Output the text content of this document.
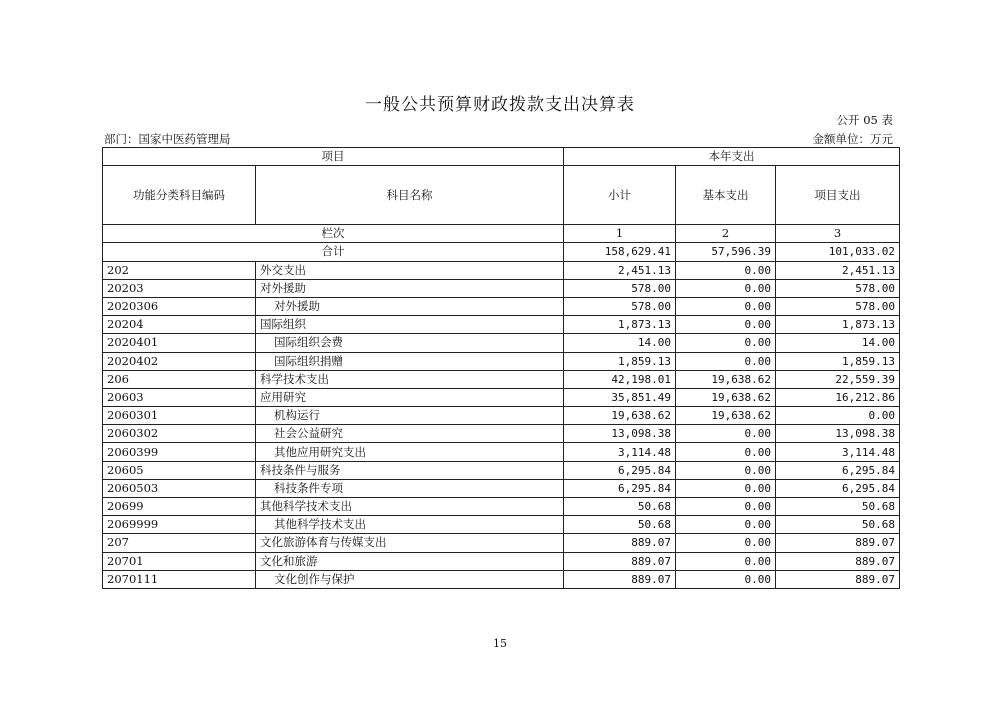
一般公共预算财政拨款支出决算表
公开 05 表
部门：国家中医药管理局	金额单位：万元
项目		本年支出		
功能分类科目编码	科目名称	小计	基本支出	项目支出
栏次		1	2	3
合计		158,629.41	57,596.39	101,033.02
202	外交支出	2,451.13	0.00	2,451.13
20203	对外援助	578.00	0.00	578.00
2020306	对外援助	578.00	0.00	578.00
20204	国际组织	1,873.13	0.00	1,873.13
2020401	国际组织会费	14.00	0.00	14.00
2020402	国际组织捐赠	1,859.13	0.00	1,859.13
206	科学技术支出	42,198.01	19,638.62	22,559.39
20603	应用研究	35,851.49	19,638.62	16,212.86
2060301	机构运行	19,638.62	19,638.62	0.00
2060302	社会公益研究	13,098.38	0.00	13,098.38
2060399	其他应用研究支出	3,114.48	0.00	3,114.48
20605	科技条件与服务	6,295.84	0.00	6,295.84
2060503	科技条件专项	6,295.84	0.00	6,295.84
20699	其他科学技术支出	50.68	0.00	50.68
2069999	其他科学技术支出	50.68	0.00	50.68
207	文化旅游体育与传媒支出	889.07	0.00	889.07
20701	文化和旅游	889.07	0.00	889.07
2070111	文化创作与保护	889.07	0.00	889.07
15
